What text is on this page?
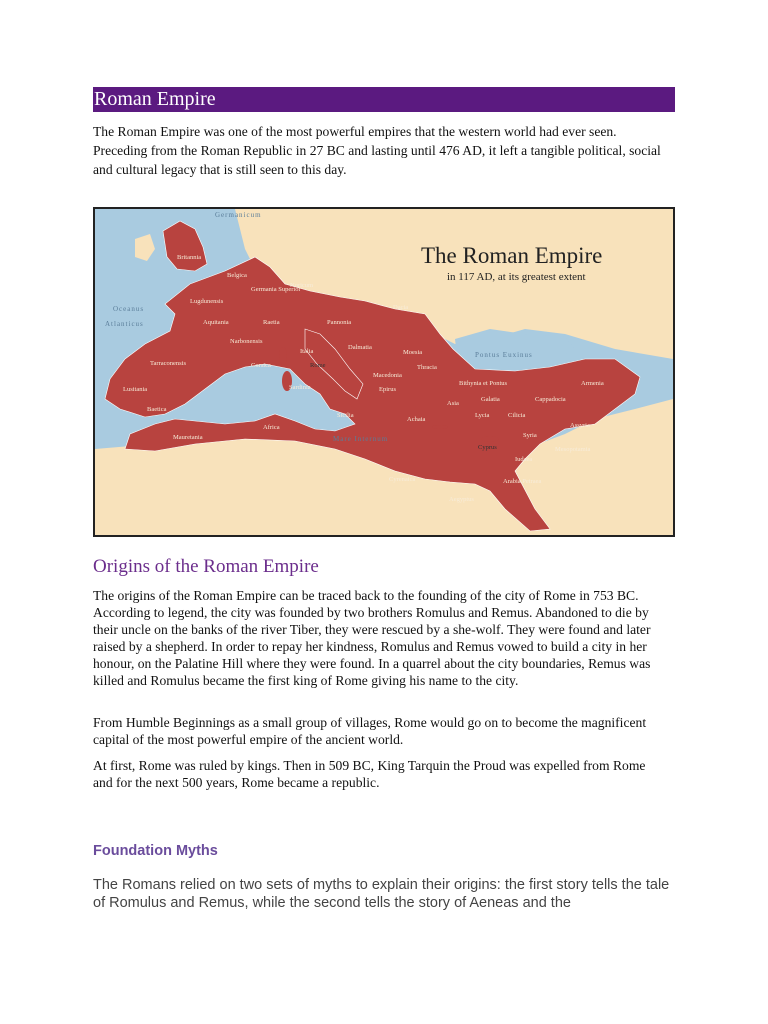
Roman Empire

The Roman Empire was one of the most powerful empires that the western world had ever seen. Preceding from the Roman Republic in 27 BC and lasting until 476 AD, it left a tangible political, social and cultural legacy that is still seen to this day.

The Roman Empire
in 117 AD, at its greatest extent
Germanicum
Oceanus
Atlanticus
Mare Internum
Pontus Euxinus
Britannia
Belgica
Germania Superior
Lugdunensis
Noricum
Aquitania	Raetia	Pannonia
Narbonensis
Dacia
Italia
Dalmatia
Moesia
Corsica	Rome	Thracia
Tarraconensis
Macedonia
Lusitania	Sardinia	Epirus
Bithynia et Pontus	Armenia
Galatia	Cappadocia
Asia
Baetica
Sicilia	Lycia	Cilicia
Achaia
Assyria
Africa
Syria
Mauretania
Cyprus	Mesopotamia
Iudaea
Cyrenaica	Arabia Petraea
Aegyptus
Origins of the Roman Empire

The origins of the Roman Empire can be traced back to the founding of the city of Rome in 753 BC. According to legend, the city was founded by two brothers Romulus and Remus. Abandoned to die by their uncle on the banks of the river Tiber, they were rescued by a she-wolf. They were found and later raised by a shepherd. In order to repay her kindness, Romulus and Remus vowed to build a city in her honour, on the Palatine Hill where they were found. In a quarrel about the city boundaries, Remus was killed and Romulus became the first king of Rome giving his name to the city.

From Humble Beginnings as a small group of villages, Rome would go on to become the magnificent capital of the most powerful empire of the ancient world.

At first, Rome was ruled by kings. Then in 509 BC, King Tarquin the Proud was expelled from Rome and for the next 500 years, Rome became a republic.

Foundation Myths

The Romans relied on two sets of myths to explain their origins: the first story tells the tale of Romulus and Remus, while the second tells the story of Aeneas and the
